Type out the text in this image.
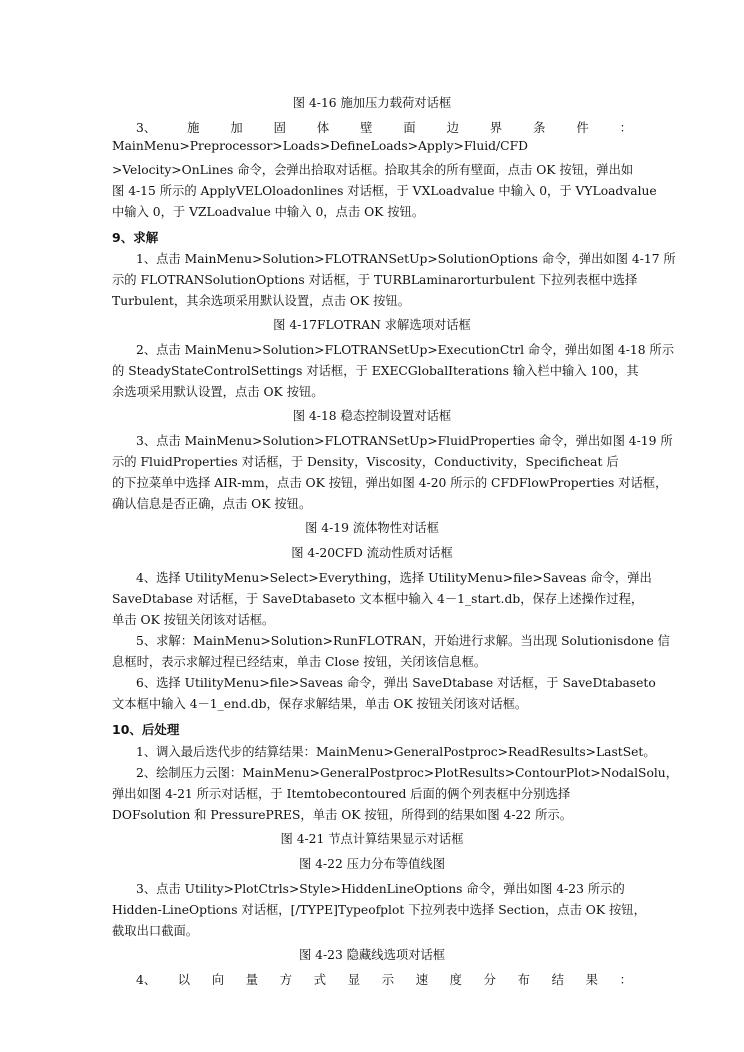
图 4-16 施加压力载荷对话框
3、	施	加	固	体	壁	面	边	界	条	件	：
MainMenu>Preprocessor>Loads>DefineLoads>Apply>Fluid/CFD
>Velocity>OnLines 命令，会弹出拾取对话框。拾取其余的所有壁面，点击 OK 按钮，弹出如
图 4-15 所示的 ApplyVELOloadonlines 对话框，于 VXLoadvalue 中输入 0，于 VYLoadvalue
中输入 0，于 VZLoadvalue 中输入 0，点击 OK 按钮。
9、求解
1、点击 MainMenu>Solution>FLOTRANSetUp>SolutionOptions 命令，弹出如图 4-17 所
示的 FLOTRANSolutionOptions 对话框，于 TURBLaminarorturbulent 下拉列表框中选择
Turbulent，其余选项采用默认设置，点击 OK 按钮。
图 4-17FLOTRAN 求解选项对话框
2、点击 MainMenu>Solution>FLOTRANSetUp>ExecutionCtrl 命令，弹出如图 4-18 所示
的 SteadyStateControlSettings 对话框，于 EXECGlobalIterations 输入栏中输入 100，其
余选项采用默认设置，点击 OK 按钮。
图 4-18 稳态控制设置对话框
3、点击 MainMenu>Solution>FLOTRANSetUp>FluidProperties 命令，弹出如图 4-19 所
示的 FluidProperties 对话框，于 Density，Viscosity，Conductivity，Specificheat 后
的下拉菜单中选择 AIR-mm，点击 OK 按钮，弹出如图 4-20 所示的 CFDFlowProperties 对话框，
确认信息是否正确，点击 OK 按钮。
图 4-19 流体物性对话框
图 4-20CFD 流动性质对话框
4、选择 UtilityMenu>Select>Everything，选择 UtilityMenu>file>Saveas 命令，弹出
SaveDtabase 对话框，于 SaveDtabaseto 文本框中输入 4－1_start.db，保存上述操作过程，
单击 OK 按钮关闭该对话框。
5、求解：MainMenu>Solution>RunFLOTRAN，开始进行求解。当出现 Solutionisdone 信
息框时，表示求解过程已经结束，单击 Close 按钮，关闭该信息框。
6、选择 UtilityMenu>file>Saveas 命令，弹出 SaveDtabase 对话框，于 SaveDtabaseto
文本框中输入 4－1_end.db，保存求解结果，单击 OK 按钮关闭该对话框。
10、后处理
1、调入最后迭代步的结算结果：MainMenu>GeneralPostproc>ReadResults>LastSet。
2、绘制压力云图：MainMenu>GeneralPostproc>PlotResults>ContourPlot>NodalSolu，
弹出如图 4-21 所示对话框，于 Itemtobecontoured 后面的俩个列表框中分别选择
DOFsolution 和 PressurePRES，单击 OK 按钮，所得到的结果如图 4-22 所示。
图 4-21 节点计算结果显示对话框
图 4-22 压力分布等值线图
3、点击 Utility>PlotCtrls>Style>HiddenLineOptions 命令，弹出如图 4-23 所示的
Hidden-LineOptions 对话框，[/TYPE]Typeofplot 下拉列表中选择 Section，点击 OK 按钮，
截取出口截面。
图 4-23 隐藏线选项对话框
4、 以 向 量 方 式 显 示 速 度 分 布 结 果 ：
